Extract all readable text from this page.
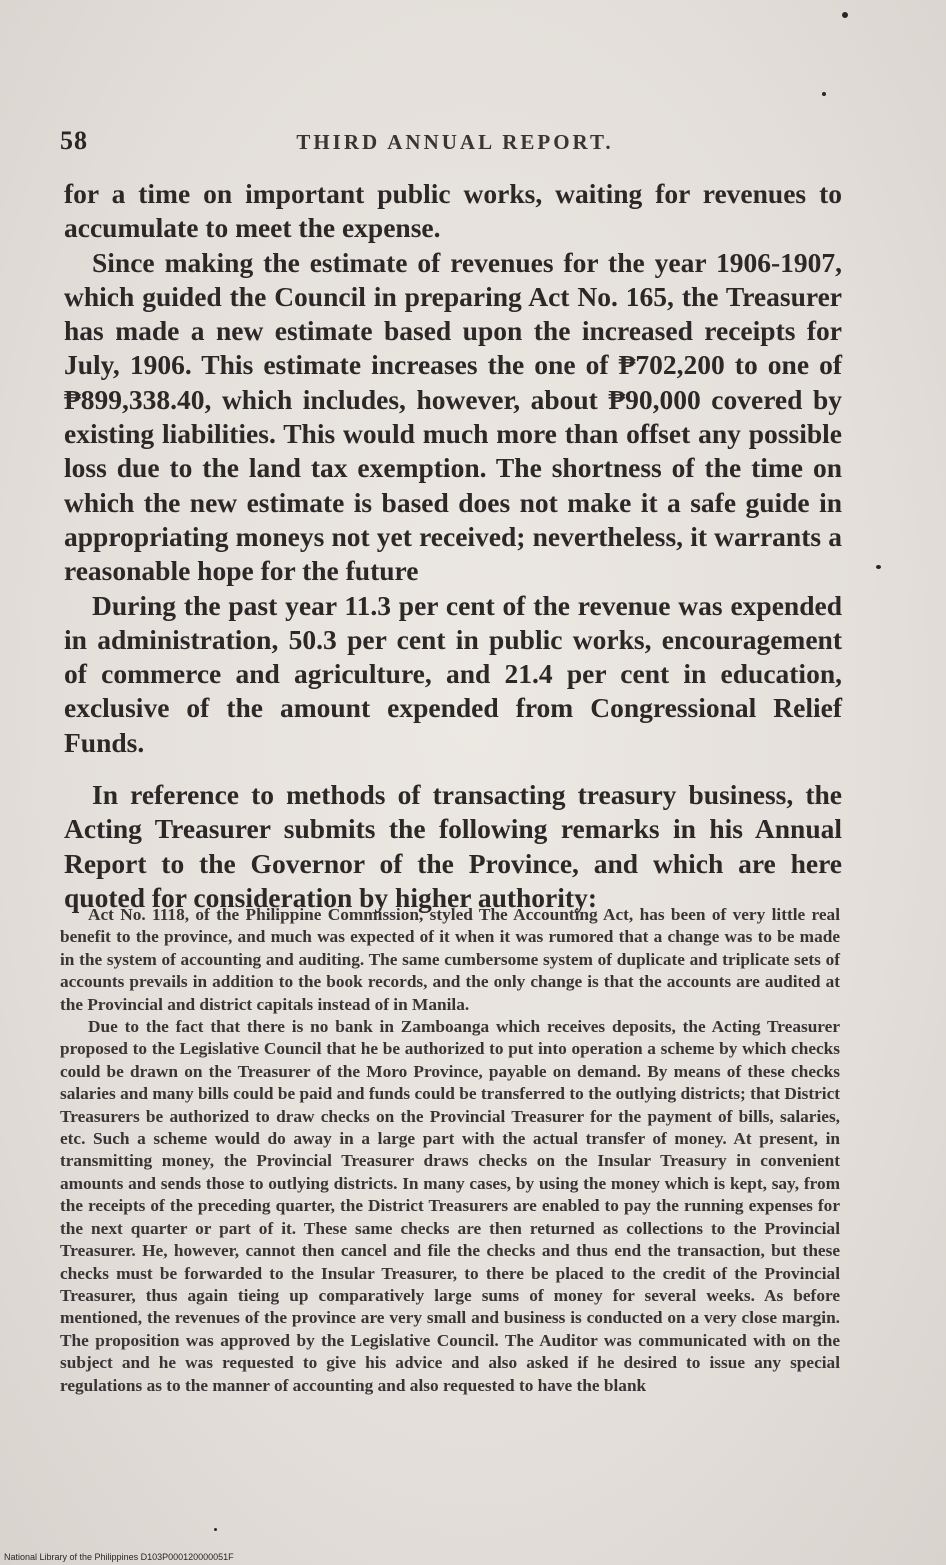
58	THIRD ANNUAL REPORT.

for a time on important public works, waiting for revenues to accumulate to meet the expense.

Since making the estimate of revenues for the year 1906-1907, which guided the Council in preparing Act No. 165, the Treasurer has made a new estimate based upon the increased receipts for July, 1906. This estimate increases the one of ₱702,200 to one of ₱899,338.40, which includes, however, about ₱90,000 covered by existing liabilities. This would much more than offset any possible loss due to the land tax exemption. The shortness of the time on which the new estimate is based does not make it a safe guide in appropriating moneys not yet received; nevertheless, it warrants a reasonable hope for the future

During the past year 11.3 per cent of the revenue was expended in administration, 50.3 per cent in public works, encouragement of commerce and agriculture, and 21.4 per cent in education, exclusive of the amount expended from Congressional Relief Funds.

In reference to methods of transacting treasury business, the Acting Treasurer submits the following remarks in his Annual Report to the Governor of the Province, and which are here quoted for consideration by higher authority:

Act No. 1118, of the Philippine Commission, styled The Accounting Act, has been of very little real benefit to the province, and much was expected of it when it was rumored that a change was to be made in the system of accounting and auditing. The same cumbersome system of duplicate and triplicate sets of accounts prevails in addition to the book records, and the only change is that the accounts are audited at the Provincial and district capitals instead of in Manila.

Due to the fact that there is no bank in Zamboanga which receives deposits, the Acting Treasurer proposed to the Legislative Council that he be authorized to put into operation a scheme by which checks could be drawn on the Treasurer of the Moro Province, payable on demand. By means of these checks salaries and many bills could be paid and funds could be transferred to the outlying districts; that District Treasurers be authorized to draw checks on the Provincial Treasurer for the payment of bills, salaries, etc. Such a scheme would do away in a large part with the actual transfer of money. At present, in transmitting money, the Provincial Treasurer draws checks on the Insular Treasury in convenient amounts and sends those to outlying districts. In many cases, by using the money which is kept, say, from the receipts of the preceding quarter, the District Treasurers are enabled to pay the running expenses for the next quarter or part of it. These same checks are then returned as collections to the Provincial Treasurer. He, however, cannot then cancel and file the checks and thus end the transaction, but these checks must be forwarded to the Insular Treasurer, to there be placed to the credit of the Provincial Treasurer, thus again tieing up comparatively large sums of money for several weeks. As before mentioned, the revenues of the province are very small and business is conducted on a very close margin. The proposition was approved by the Legislative Council. The Auditor was communicated with on the subject and he was requested to give his advice and also asked if he desired to issue any special regulations as to the manner of accounting and also requested to have the blank

National Library of the Philippines D103P000120000051F
